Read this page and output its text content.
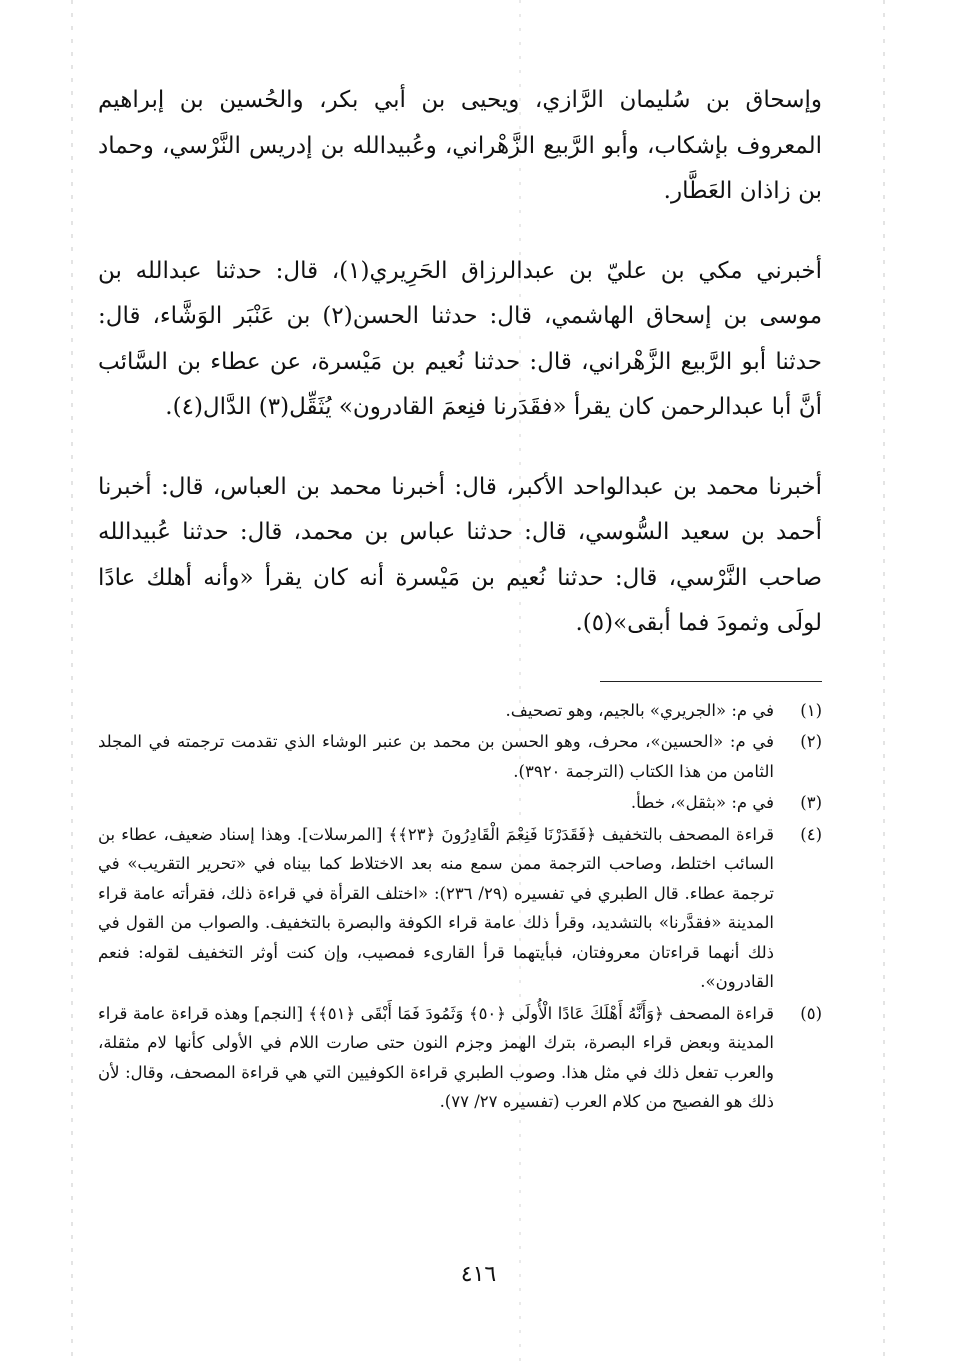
وإسحاق بن سُليمان الرَّازي، ويحيى بن أبي بكر، والحُسين بن إبراهيم المعروف بإشكاب، وأبو الرَّبيع الزَّهْراني، وعُبيدالله بن إدريس النَّرْسي، وحماد بن زاذان العَطَّار.

أخبرني مكي بن عليّ بن عبدالرزاق الحَرِيري(١)، قال: حدثنا عبدالله بن موسى بن إسحاق الهاشمي، قال: حدثنا الحسن(٢) بن عَنْبَر الوَشَّاء، قال: حدثنا أبو الرَّبيع الزَّهْراني، قال: حدثنا نُعيم بن مَيْسرة، عن عطاء بن السَّائب أنَّ أبا عبدالرحمن كان يقرأ «فقَدَرنا فنِعمَ القادرون» يُثَقِّل(٣) الدَّال(٤).

أخبرنا محمد بن عبدالواحد الأكبر، قال: أخبرنا محمد بن العباس، قال: أخبرنا أحمد بن سعيد السُّوسي، قال: حدثنا عباس بن محمد، قال: حدثنا عُبيدالله صاحب النَّرْسي، قال: حدثنا نُعيم بن مَيْسرة أنه كان يقرأ «وأنه أهلك عادًا لولَى وثمودَ فما أبقى»(٥).

(١)
في م: «الجريري» بالجيم، وهو تصحيف.
(٢)
في م: «الحسين»، محرف، وهو الحسن بن محمد بن عنبر الوشاء الذي تقدمت ترجمته في المجلد الثامن من هذا الكتاب (الترجمة ٣٩٢٠).
(٣)
في م: «بثقل»، خطأ.
(٤)
قراءة المصحف بالتخفيف ﴿فَقَدَرْنَا فَنِعْمَ الْقَادِرُونَ ﴿٢٣﴾﴾ [المرسلات]. وهذا إسناد ضعيف، عطاء بن السائب اختلط، وصاحب الترجمة ممن سمع منه بعد الاختلاط كما بيناه في «تحرير التقريب» في ترجمة عطاء. قال الطبري في تفسيره (٢٩/ ٢٣٦): «اختلف القرأة في قراءة ذلك، فقرأته عامة قراء المدينة «فقدَّرنا» بالتشديد، وقرأ ذلك عامة قراء الكوفة والبصرة بالتخفيف. والصواب من القول في ذلك أنهما قراءتان معروفتان، فبأيتهما قرأ القارىء فمصيب، وإن كنت أوثر التخفيف لقوله: فنعم القادرون».
(٥)
قراءة المصحف ﴿وَأَنَّهُ أَهْلَكَ عَادًا الْأُولَى ﴿٥٠﴾ وَثَمُودَ فَمَا أَبْقَى ﴿٥١﴾﴾ [النجم] وهذه قراءة عامة قراء المدينة وبعض قراء البصرة، بترك الهمز وجزم النون حتى صارت اللام في الأولى كأنها لام مثقلة، والعرب تفعل ذلك في مثل هذا. وصوب الطبري قراءة الكوفيين التي هي قراءة المصحف، وقال: لأن ذلك هو الفصيح من كلام العرب (تفسيره ٢٧/ ٧٧).
٤١٦
